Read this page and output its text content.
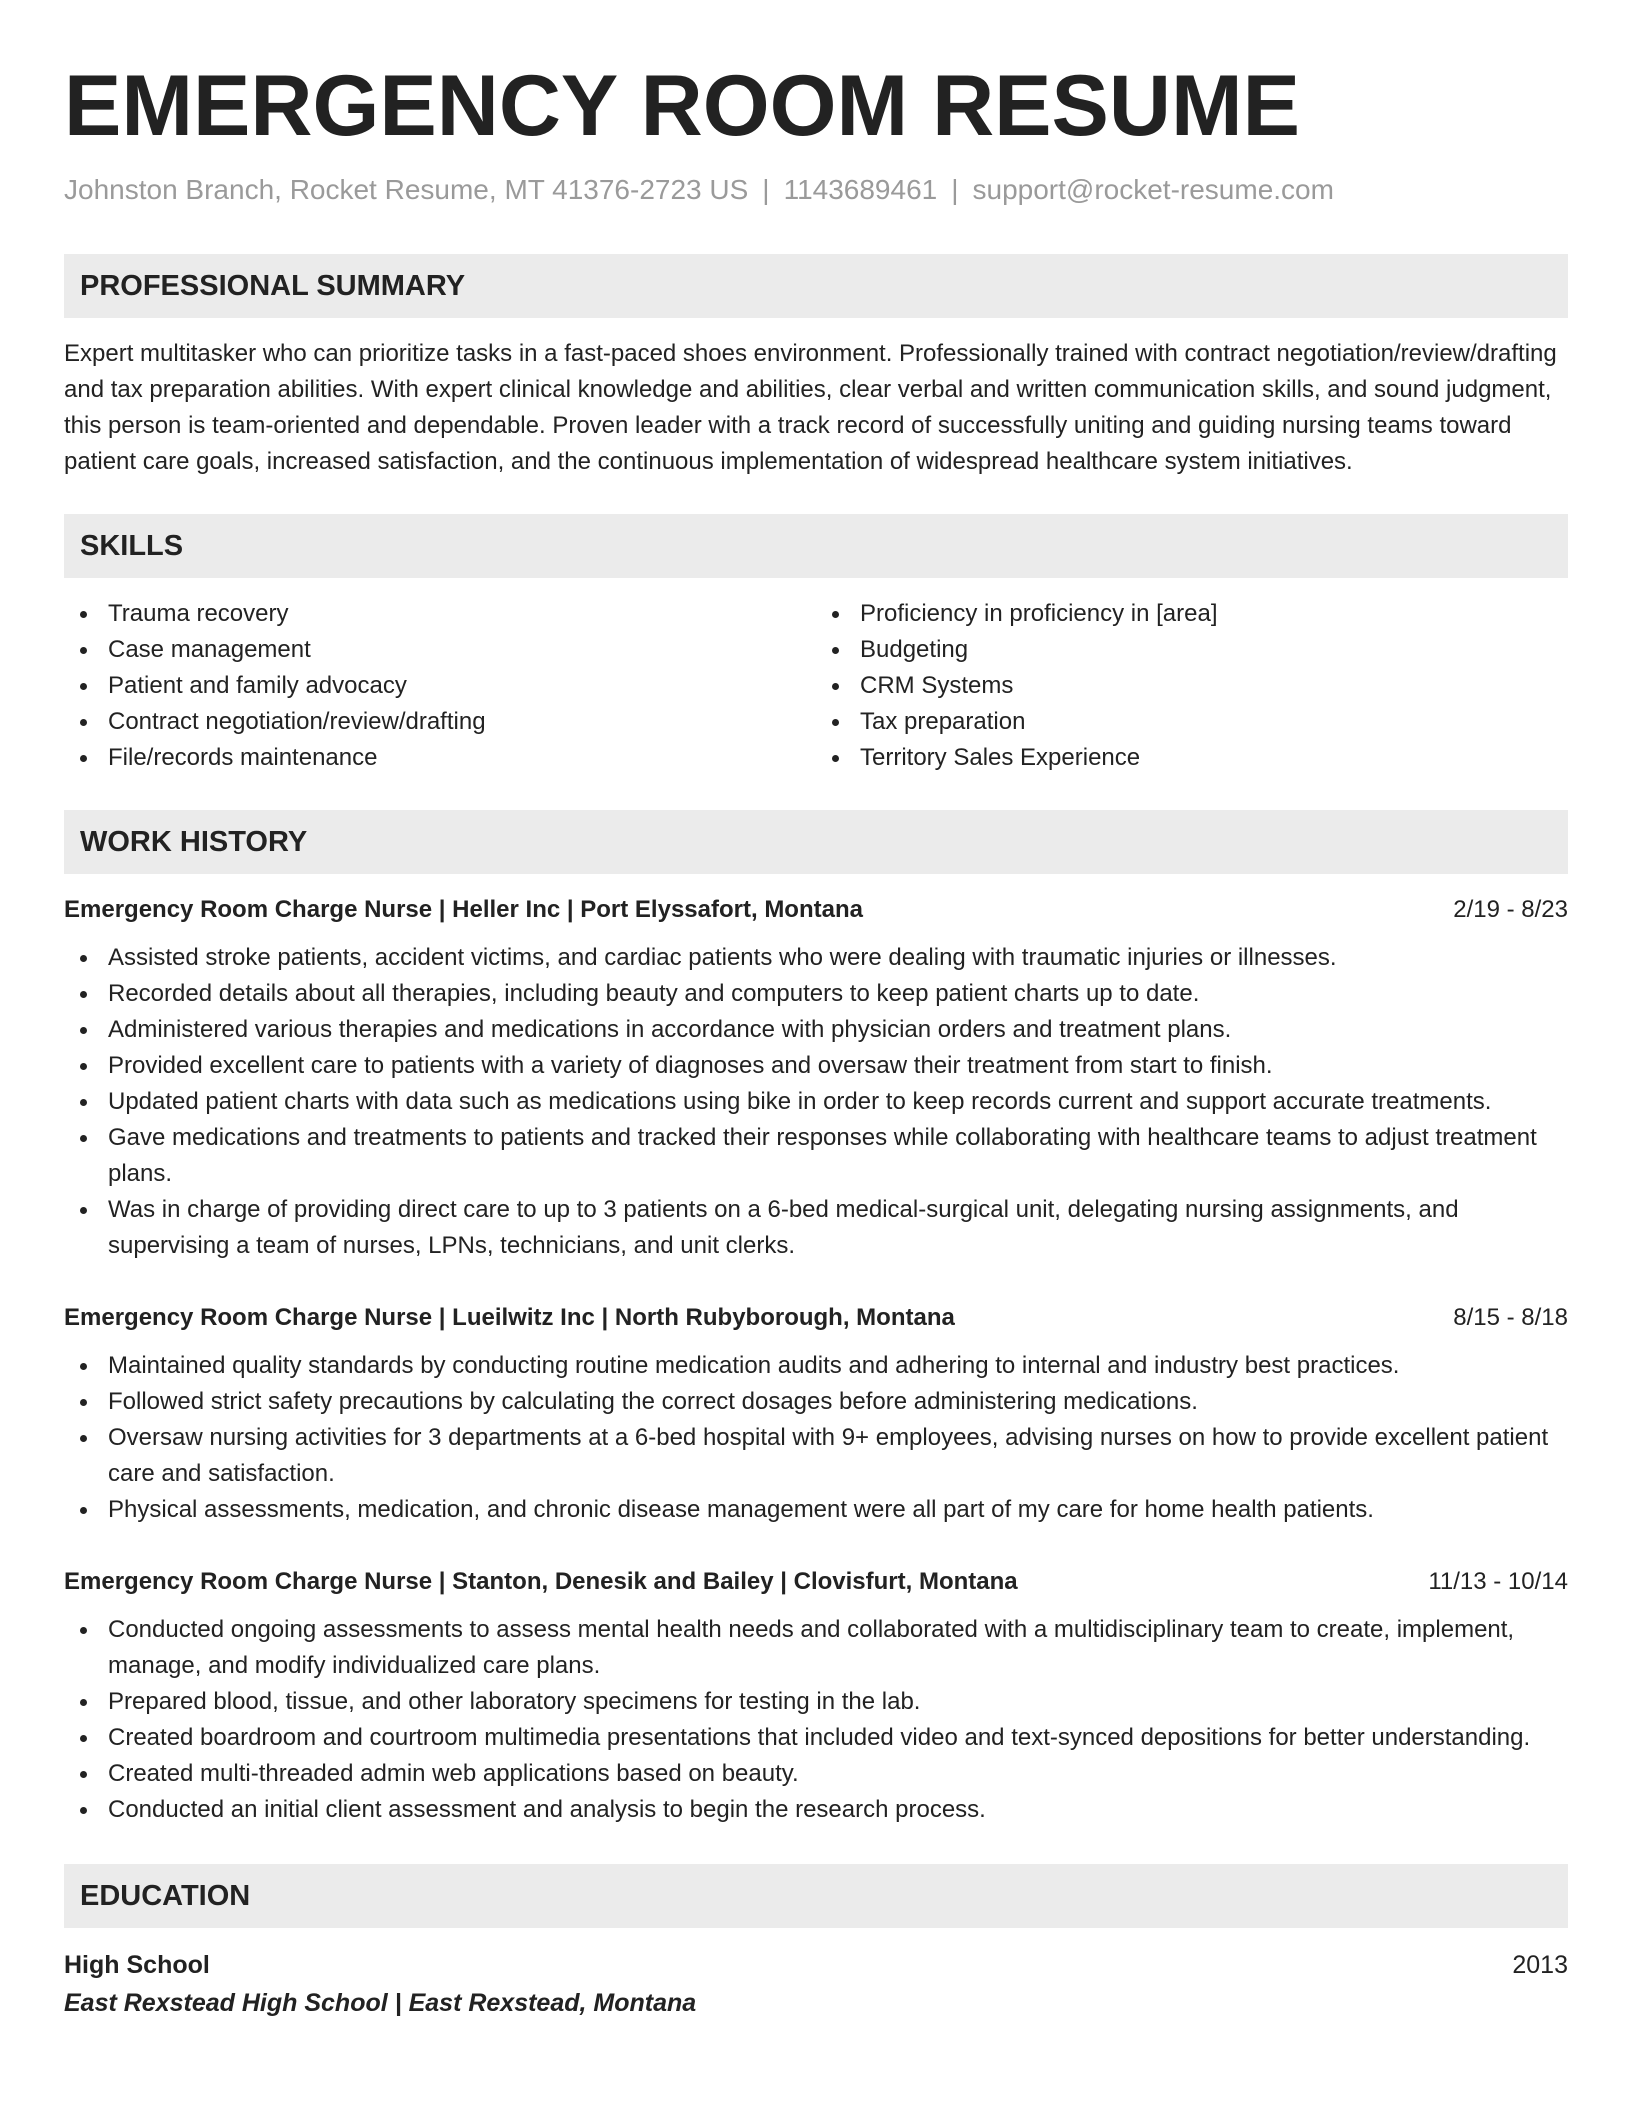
EMERGENCY ROOM RESUME
Johnston Branch, Rocket Resume, MT 41376-2723 US | 1143689461 | support@rocket-resume.com
PROFESSIONAL SUMMARY

Expert multitasker who can prioritize tasks in a fast-paced shoes environment. Professionally trained with contract negotiation/review/drafting and tax preparation abilities. With expert clinical knowledge and abilities, clear verbal and written communication skills, and sound judgment, this person is team-oriented and dependable. Proven leader with a track record of successfully uniting and guiding nursing teams toward patient care goals, increased satisfaction, and the continuous implementation of widespread healthcare system initiatives.

SKILLS
Trauma recovery
Case management
Patient and family advocacy
Contract negotiation/review/drafting
File/records maintenance
Proficiency in proficiency in [area]
Budgeting
CRM Systems
Tax preparation
Territory Sales Experience
WORK HISTORY
Emergency Room Charge Nurse | Heller Inc | Port Elyssafort, Montana	2/19 - 8/23
Assisted stroke patients, accident victims, and cardiac patients who were dealing with traumatic injuries or illnesses.
Recorded details about all therapies, including beauty and computers to keep patient charts up to date.
Administered various therapies and medications in accordance with physician orders and treatment plans.
Provided excellent care to patients with a variety of diagnoses and oversaw their treatment from start to finish.
Updated patient charts with data such as medications using bike in order to keep records current and support accurate treatments.
Gave medications and treatments to patients and tracked their responses while collaborating with healthcare teams to adjust treatment plans.
Was in charge of providing direct care to up to 3 patients on a 6-bed medical-surgical unit, delegating nursing assignments, and supervising a team of nurses, LPNs, technicians, and unit clerks.
Emergency Room Charge Nurse | Lueilwitz Inc | North Rubyborough, Montana	8/15 - 8/18
Maintained quality standards by conducting routine medication audits and adhering to internal and industry best practices.
Followed strict safety precautions by calculating the correct dosages before administering medications.
Oversaw nursing activities for 3 departments at a 6-bed hospital with 9+ employees, advising nurses on how to provide excellent patient care and satisfaction.
Physical assessments, medication, and chronic disease management were all part of my care for home health patients.
Emergency Room Charge Nurse | Stanton, Denesik and Bailey | Clovisfurt, Montana	11/13 - 10/14
Conducted ongoing assessments to assess mental health needs and collaborated with a multidisciplinary team to create, implement, manage, and modify individualized care plans.
Prepared blood, tissue, and other laboratory specimens for testing in the lab.
Created boardroom and courtroom multimedia presentations that included video and text-synced depositions for better understanding.
Created multi-threaded admin web applications based on beauty.
Conducted an initial client assessment and analysis to begin the research process.
EDUCATION
High School	2013
East Rexstead High School | East Rexstead, Montana
